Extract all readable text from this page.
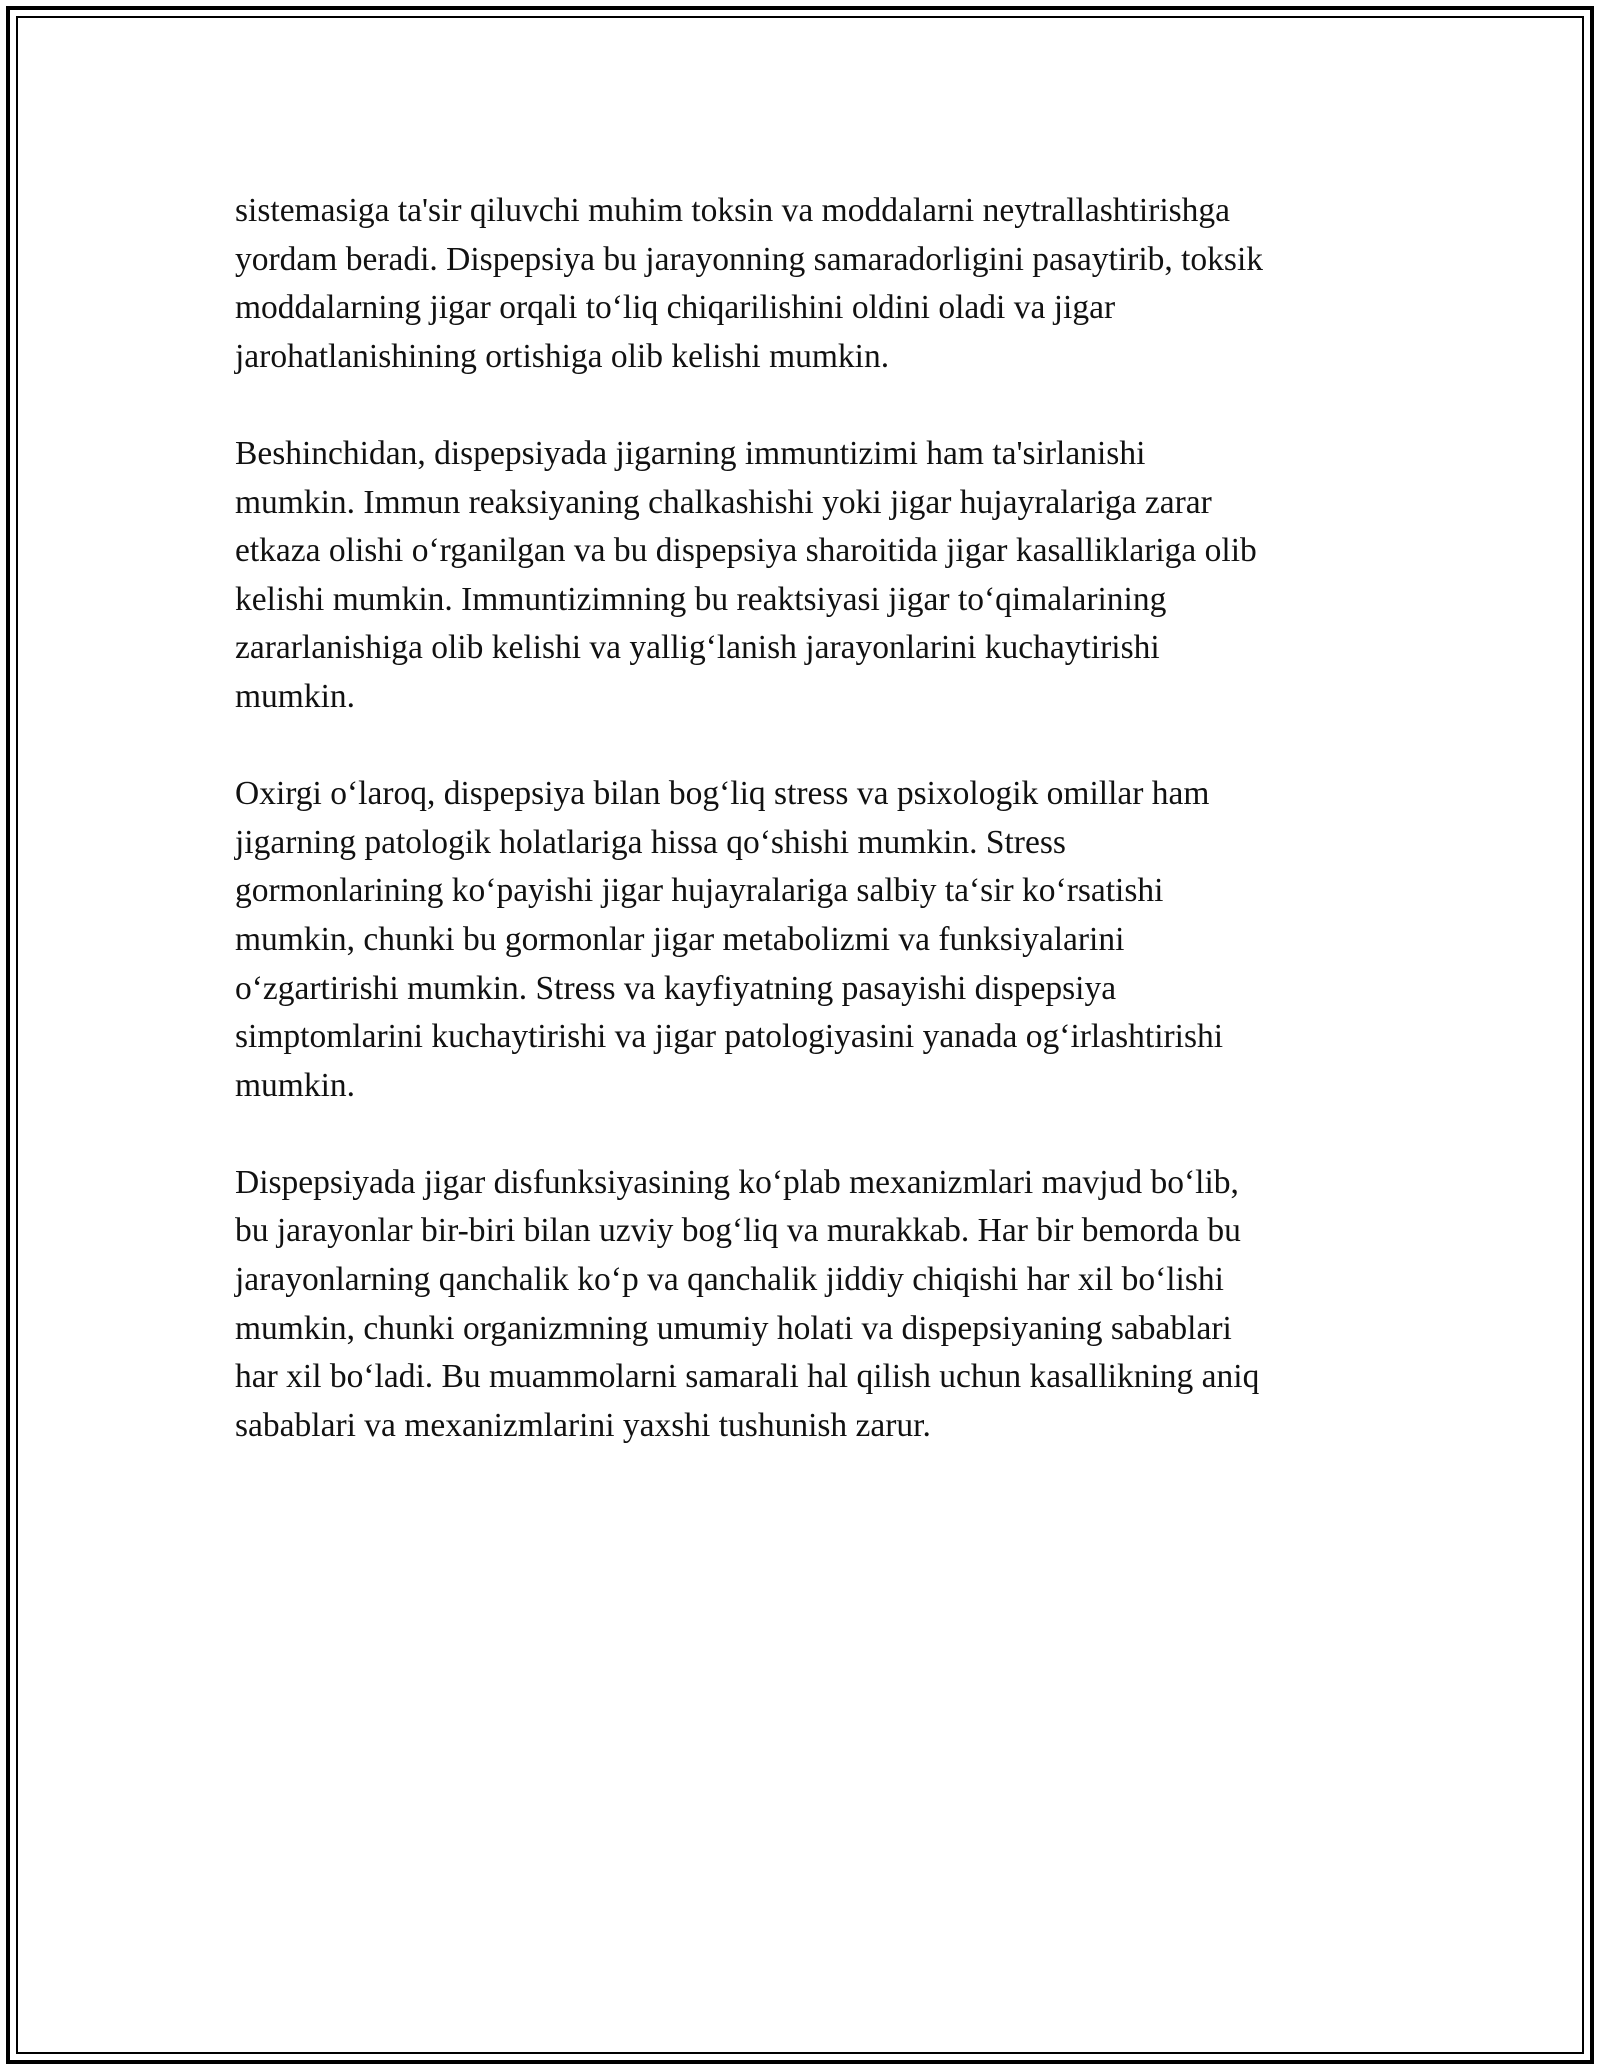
sistemasiga ta'sir qiluvchi muhim toksin va moddalarni neytrallashtirishga
yordam beradi. Dispepsiya bu jarayonning samaradorligini pasaytirib, toksik
moddalarning jigar orqali to‘liq chiqarilishini oldini oladi va jigar
jarohatlanishining ortishiga olib kelishi mumkin.

Beshinchidan, dispepsiyada jigarning immuntizimi ham ta'sirlanishi
mumkin. Immun reaksiyaning chalkashishi yoki jigar hujayralariga zarar
etkaza olishi o‘rganilgan va bu dispepsiya sharoitida jigar kasalliklariga olib
kelishi mumkin. Immuntizimning bu reaktsiyasi jigar to‘qimalarining
zararlanishiga olib kelishi va yallig‘lanish jarayonlarini kuchaytirishi
mumkin.

Oxirgi o‘laroq, dispepsiya bilan bog‘liq stress va psixologik omillar ham
jigarning patologik holatlariga hissa qo‘shishi mumkin. Stress
gormonlarining ko‘payishi jigar hujayralariga salbiy ta‘sir ko‘rsatishi
mumkin, chunki bu gormonlar jigar metabolizmi va funksiyalarini
o‘zgartirishi mumkin. Stress va kayfiyatning pasayishi dispepsiya
simptomlarini kuchaytirishi va jigar patologiyasini yanada og‘irlashtirishi
mumkin.

Dispepsiyada jigar disfunksiyasining ko‘plab mexanizmlari mavjud bo‘lib,
bu jarayonlar bir-biri bilan uzviy bog‘liq va murakkab. Har bir bemorda bu
jarayonlarning qanchalik ko‘p va qanchalik jiddiy chiqishi har xil bo‘lishi
mumkin, chunki organizmning umumiy holati va dispepsiyaning sabablari
har xil bo‘ladi. Bu muammolarni samarali hal qilish uchun kasallikning aniq
sabablari va mexanizmlarini yaxshi tushunish zarur.
